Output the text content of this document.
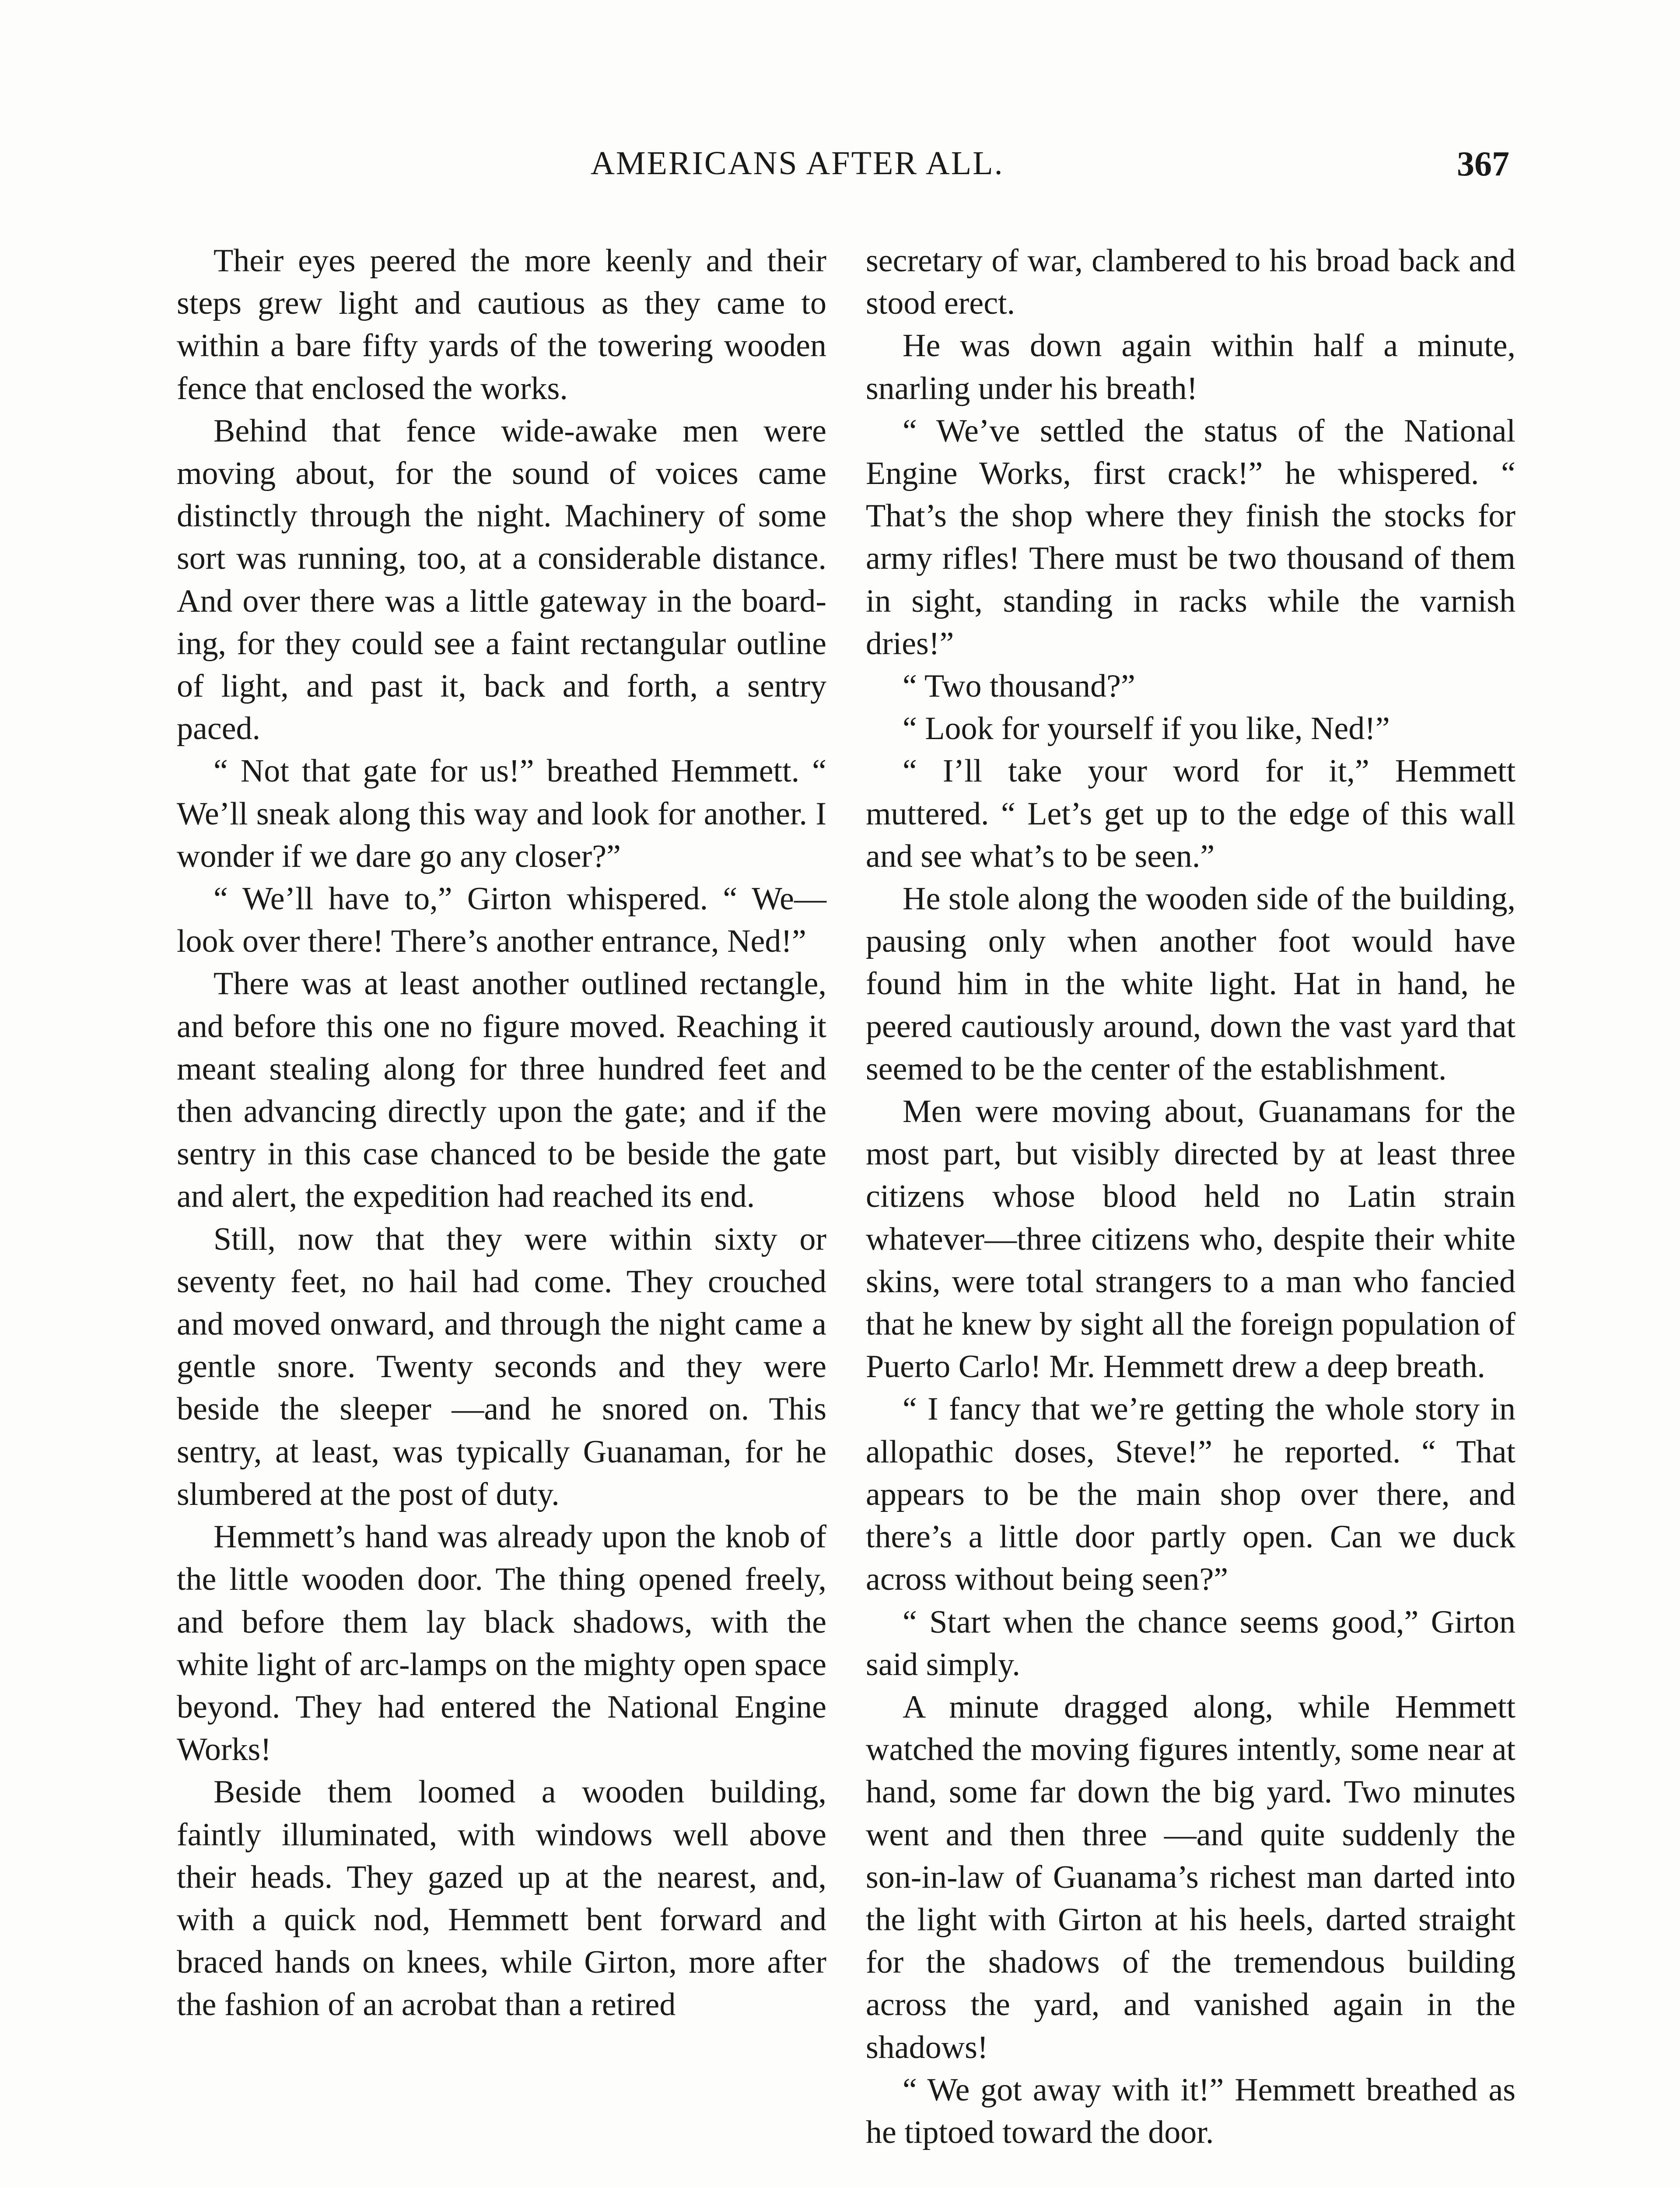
AMERICANS AFTER ALL.	367

Their eyes peered the more keenly and their steps grew light and cautious as they came to within a bare fifty yards of the towering wooden fence that enclosed the works.

Behind that fence wide-awake men were moving about, for the sound of voices came distinctly through the night. Machinery of some sort was running, too, at a considerable distance. And over there was a little gateway in the boarding, for they could see a faint rectangular outline of light, and past it, back and forth, a sentry paced.

“ Not that gate for us!” breathed Hemmett. “ We’ll sneak along this way and look for another. I wonder if we dare go any closer?”

“ We’ll have to,” Girton whispered. “ We—look over there! There’s another entrance, Ned!”

There was at least another outlined rectangle, and before this one no figure moved. Reaching it meant stealing along for three hundred feet and then advancing directly upon the gate; and if the sentry in this case chanced to be beside the gate and alert, the expedition had reached its end.

Still, now that they were within sixty or seventy feet, no hail had come. They crouched and moved onward, and through the night came a gentle snore. Twenty seconds and they were beside the sleeper —and he snored on. This sentry, at least, was typically Guanaman, for he slumbered at the post of duty.

Hemmett’s hand was already upon the knob of the little wooden door. The thing opened freely, and before them lay black shadows, with the white light of arc-lamps on the mighty open space beyond. They had entered the National Engine Works!

Beside them loomed a wooden building, faintly illuminated, with windows well above their heads. They gazed up at the nearest, and, with a quick nod, Hemmett bent forward and braced hands on knees, while Girton, more after the fashion of an acrobat than a retired

secretary of war, clambered to his broad back and stood erect.

He was down again within half a minute, snarling under his breath!

“ We’ve settled the status of the National Engine Works, first crack!” he whispered. “ That’s the shop where they finish the stocks for army rifles! There must be two thousand of them in sight, standing in racks while the varnish dries!”

“ Two thousand?”

“ Look for yourself if you like, Ned!”

“ I’ll take your word for it,” Hemmett muttered. “ Let’s get up to the edge of this wall and see what’s to be seen.”

He stole along the wooden side of the building, pausing only when another foot would have found him in the white light. Hat in hand, he peered cautiously around, down the vast yard that seemed to be the center of the establishment.

Men were moving about, Guanamans for the most part, but visibly directed by at least three citizens whose blood held no Latin strain whatever—three citizens who, despite their white skins, were total strangers to a man who fancied that he knew by sight all the foreign population of Puerto Carlo! Mr. Hemmett drew a deep breath.

“ I fancy that we’re getting the whole story in allopathic doses, Steve!” he reported. “ That appears to be the main shop over there, and there’s a little door partly open. Can we duck across without being seen?”

“ Start when the chance seems good,” Girton said simply.

A minute dragged along, while Hemmett watched the moving figures intently, some near at hand, some far down the big yard. Two minutes went and then three —and quite suddenly the son-in-law of Guanama’s richest man darted into the light with Girton at his heels, darted straight for the shadows of the tremendous building across the yard, and vanished again in the shadows!

“ We got away with it!” Hemmett breathed as he tiptoed toward the door.
